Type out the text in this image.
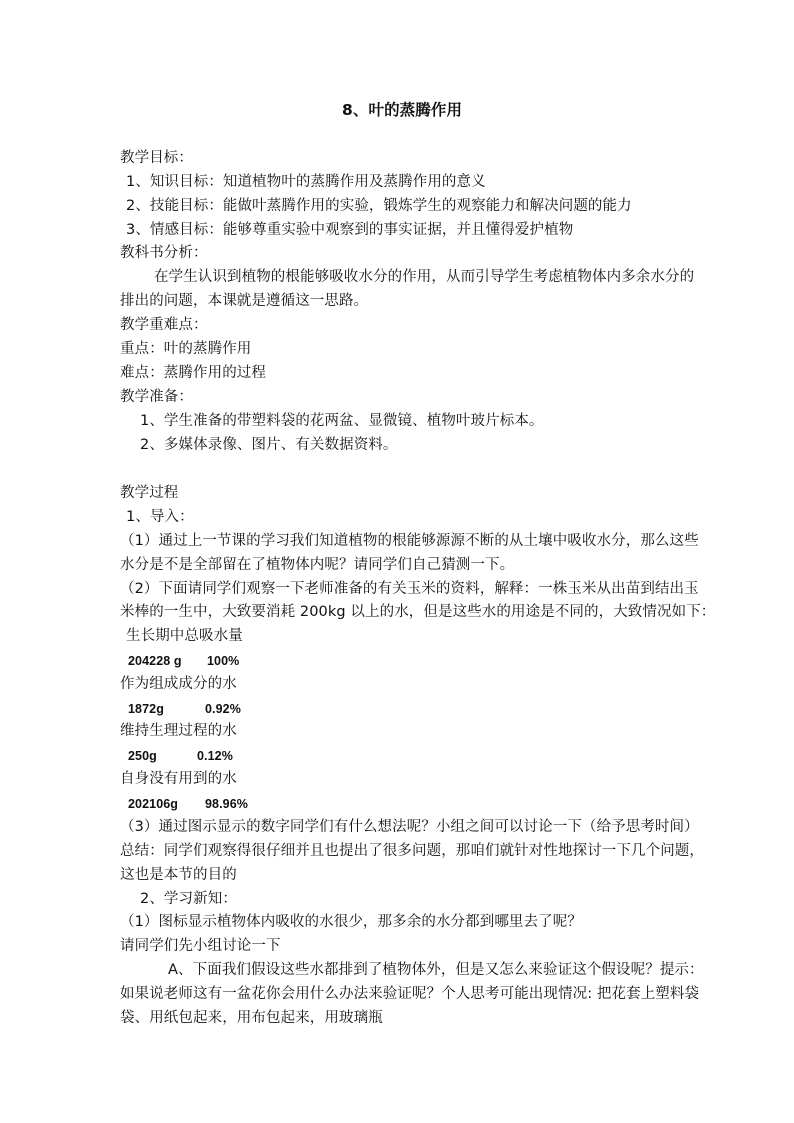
8、叶的蒸腾作用
教学目标：
1、知识目标：知道植物叶的蒸腾作用及蒸腾作用的意义
2、技能目标：能做叶蒸腾作用的实验，锻炼学生的观察能力和解决问题的能力
3、情感目标：能够尊重实验中观察到的事实证据，并且懂得爱护植物
教科书分析：
在学生认识到植物的根能够吸收水分的作用，从而引导学生考虑植物体内多余水分的
排出的问题，本课就是遵循这一思路。
教学重难点：
重点：叶的蒸腾作用
难点：蒸腾作用的过程
教学准备：
1、学生准备的带塑料袋的花两盆、显微镜、植物叶玻片标本。
2、多媒体录像、图片、有关数据资料。
教学过程
1、导入：
（1）通过上一节课的学习我们知道植物的根能够源源不断的从土壤中吸收水分，那么这些
水分是不是全部留在了植物体内呢？请同学们自己猜测一下。
（2）下面请同学们观察一下老师准备的有关玉米的资料，解释：一株玉米从出苗到结出玉
米棒的一生中，大致要消耗 200kg 以上的水，但是这些水的用途是不同的，大致情况如下：
生长期中总吸水量
204228 g 100%
作为组成成分的水
1872g	0.92%
维持生理过程的水
250g	0.12%
自身没有用到的水
202106g 98.96%
（3）通过图示显示的数字同学们有什么想法呢？小组之间可以讨论一下（给予思考时间）
总结：同学们观察得很仔细并且也提出了很多问题，那咱们就针对性地探讨一下几个问题，
这也是本节的目的
2、学习新知：
（1）图标显示植物体内吸收的水很少，那多余的水分都到哪里去了呢？
请同学们先小组讨论一下
A、下面我们假设这些水都排到了植物体外，但是又怎么来验证这个假设呢？提示：
如果说老师这有一盆花你会用什么办法来验证呢？个人思考可能出现情况: 把花套上塑料袋
袋、用纸包起来，用布包起来，用玻璃瓶
